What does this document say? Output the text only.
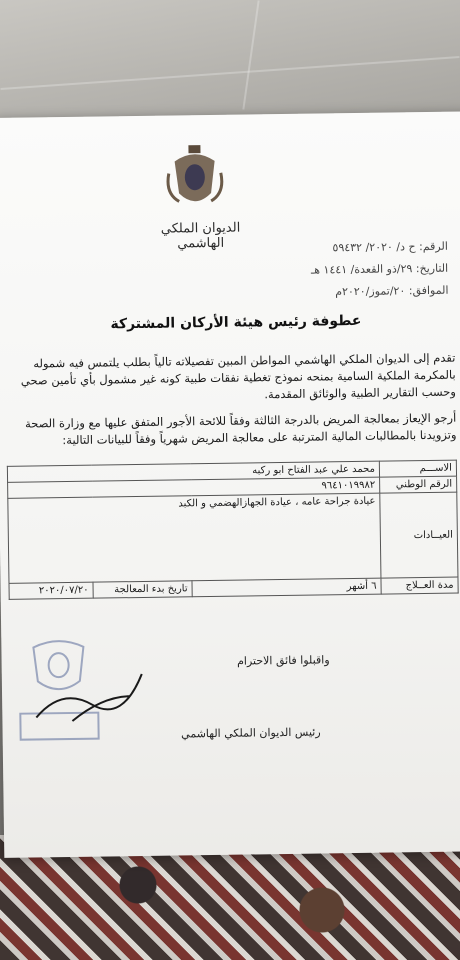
الديوان الملكي الهاشمي	الرقم: ح د/ ٢٠٢٠/ ٥٩٤٣٢
التاريخ: ٢٩/ذو القعدة/ ١٤٤١ هـ
الموافق: ٢٠/تموز/٢٠٢٠م
عطوفة رئيس هيئة الأركان المشتركة
تقدم إلى الديوان الملكي الهاشمي المواطن المبين تفصيلاته تالياً بطلب يلتمس فيه شموله بالمكرمة الملكية السامية بمنحه نموذج تغطية نفقات طبية كونه غير مشمول بأي تأمين صحي وحسب التقارير الطبية والوثائق المقدمة.
أرجو الإيعاز بمعالجة المريض بالدرجة الثالثة وفقاً للائحة الأجور المتفق عليها مع وزارة الصحة وتزويدنا بالمطالبات المالية المترتبة على معالجة المريض شهرياً وفقاً للبيانات التالية:
الاســـم	محمد علي عبد الفتاح ابو ركبه		
الرقم الوطني	٩٦٤١٠١٩٩٨٢		
العيــادات	عيادة جراحة عامه ، عيادة الجهازالهضمي و الكبد		
مدة العــلاج	٦ أشهر	تاريخ بدء المعالجة	٢٠٢٠/٠٧/٢٠
واقبلوا فائق الاحترام
رئيس الديوان الملكي الهاشمي
